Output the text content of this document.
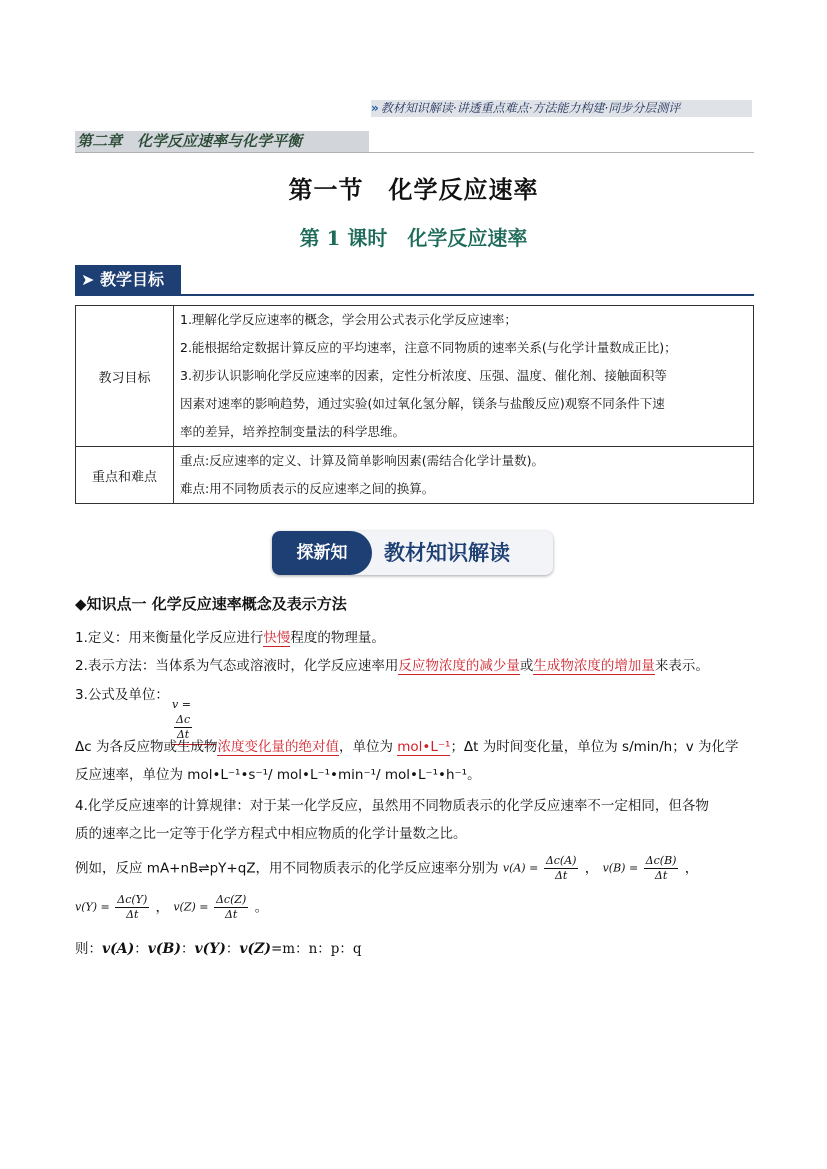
» 教材知识解读·讲透重点难点·方法能力构建·同步分层测评
第二章　化学反应速率与化学平衡
第一节　化学反应速率
第 1 课时　化学反应速率
➤ 教学目标
教习目标	1.理解化学反应速率的概念，学会用公式表示化学反应速率；
2.能根据给定数据计算反应的平均速率，注意不同物质的速率关系(与化学计量数成正比)；
3.初步认识影响化学反应速率的因素，定性分析浓度、压强、温度、催化剂、接触面积等
因素对速率的影响趋势，通过实验(如过氧化氢分解，镁条与盐酸反应)观察不同条件下速
率的差异，培养控制变量法的科学思维。

重点和难点	重点:反应速率的定义、计算及简单影响因素(需结合化学计量数)。
难点:用不同物质表示的反应速率之间的换算。
探新知	教材知识解读
◆知识点一 化学反应速率概念及表示方法
1.定义：用来衡量化学反应进行快慢程度的物理量。
2.表示方法：当体系为气态或溶液时，化学反应速率用反应物浓度的减少量或生成物浓度的增加量来表示。
3.公式及单位：
v =
$\frac{\Delta c}{\Delta t}$
Δc 为各反应物或生成物浓度变化量的绝对值，单位为 mol•L⁻¹；Δt 为时间变化量，单位为 s/min/h；v 为化学
反应速率，单位为 mol•L⁻¹•s⁻¹/ mol•L⁻¹•min⁻¹/ mol•L⁻¹•h⁻¹。
4.化学反应速率的计算规律：对于某一化学反应，虽然用不同物质表示的化学反应速率不一定相同，但各物
质的速率之比一定等于化学方程式中相应物质的化学计量数之比。
例如，反应 mA+nB⇌pY+qZ，用不同物质表示的化学反应速率分别为 $v(A) = \frac{\Delta c(A)}{\Delta t}$ ， $v(B) = \frac{\Delta c(B)}{\Delta t}$ ，
$v(Y) = \frac{\Delta c(Y)}{\Delta t}$ ， $v(Z) = \frac{\Delta c(Z)}{\Delta t}$ 。
则：v(A)：v(B)：v(Y)：v(Z)=m：n：p：q
